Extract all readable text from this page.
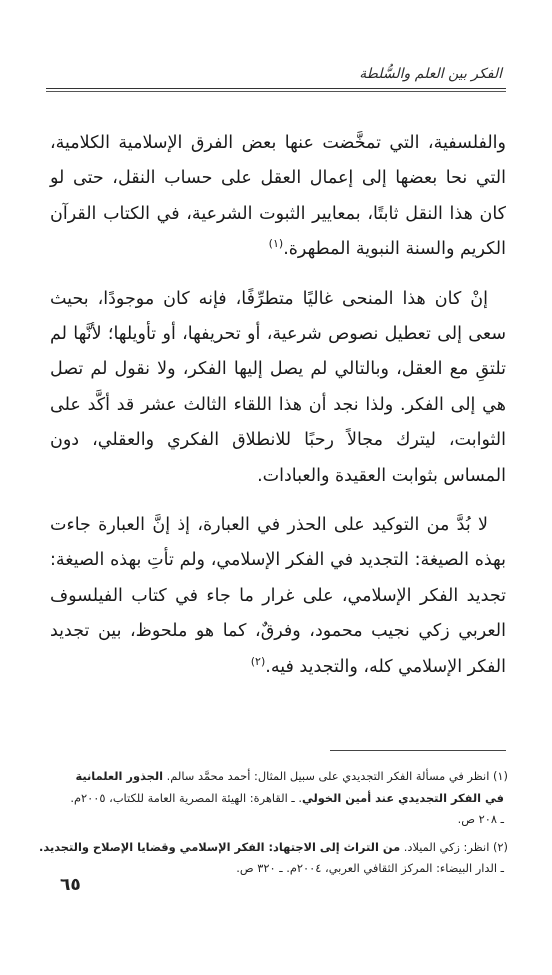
الفكر بين العلم والسُّلطة

والفلسفية، التي تمخَّضت عنها بعض الفرق الإسلامية الكلامية، التي نحا بعضها إلى إعمال العقل على حساب النقل، حتى لو كان هذا النقل ثابتًا، بمعايير الثبوت الشرعية، في الكتاب القرآن الكريم والسنة النبوية المطهرة.$^{(١)}$

إنْ كان هذا المنحى غاليًا متطرِّفًا، فإنه كان موجودًا، بحيث سعى إلى تعطيل نصوص شرعية، أو تحريفها، أو تأويلها؛ لأنَّها لم تلتقِ مع العقل، وبالتالي لم يصل إليها الفكر، ولا نقول لم تصل هي إلى الفكر. ولذا نجد أن هذا اللقاء الثالث عشر قد أكَّد على الثوابت، ليترك مجالاً رحبًا للانطلاق الفكري والعقلي، دون المساس بثوابت العقيدة والعبادات.

لا بُدَّ من التوكيد على الحذر في العبارة، إذ إنَّ العبارة جاءت بهذه الصيغة: التجديد في الفكر الإسلامي، ولم تأتِ بهذه الصيغة: تجديد الفكر الإسلامي، على غرار ما جاء في كتاب الفيلسوف العربي زكي نجيب محمود، وفرقٌ، كما هو ملحوظ، بين تجديد الفكر الإسلامي كله، والتجديد فيه.$^{(٢)}$

(١) انظر في مسألة الفكر التجديدي على سبيل المثال: أحمد محمَّد سالم. الجذور العلمانية
في الفكر التجديدي عند أمين الخولي. ـ القاهرة: الهيئة المصرية العامة للكتاب، ٢٠٠٥م.
ـ ٢٠٨ ص.

(٢) انظر: زكي الميلاد. من التراث إلى الاجتهاد: الفكر الإسلامي وقضايا الإصلاح والتجديد.
ـ الدار البيضاء: المركز الثقافي العربي، ٢٠٠٤م. ـ ٣٢٠ ص.

٦٥
